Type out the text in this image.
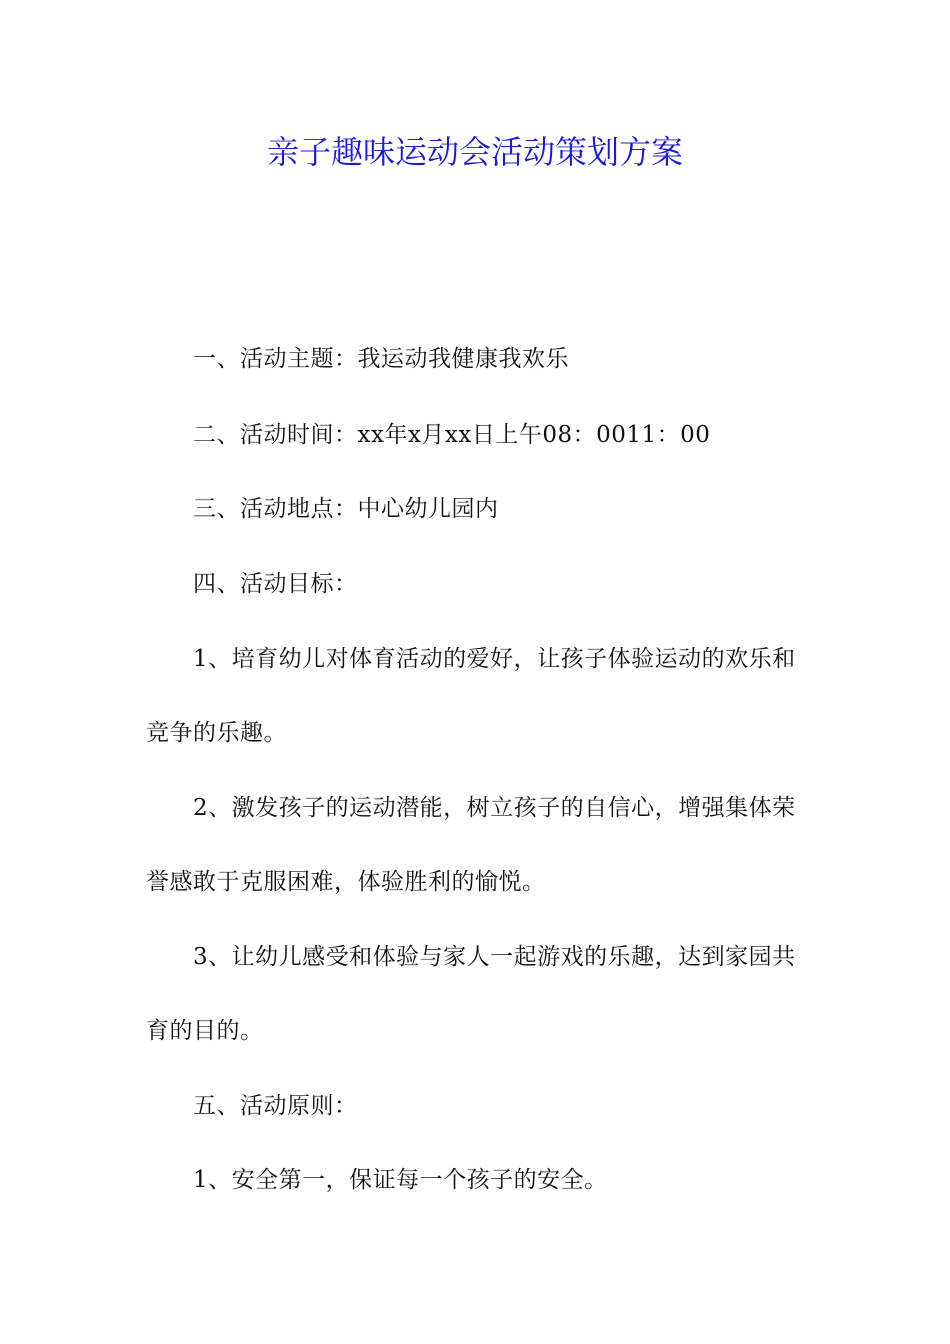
亲子趣味运动会活动策划方案
一、活动主题：我运动我健康我欢乐
二、活动时间：xx年x月xx日上午08：0011：00
三、活动地点：中心幼儿园内
四、活动目标：
1、培育幼儿对体育活动的爱好，让孩子体验运动的欢乐和
竞争的乐趣。
2、激发孩子的运动潜能，树立孩子的自信心，增强集体荣
誉感敢于克服困难，体验胜利的愉悦。
3、让幼儿感受和体验与家人一起游戏的乐趣，达到家园共
育的目的。
五、活动原则：
1、安全第一，保证每一个孩子的安全。
